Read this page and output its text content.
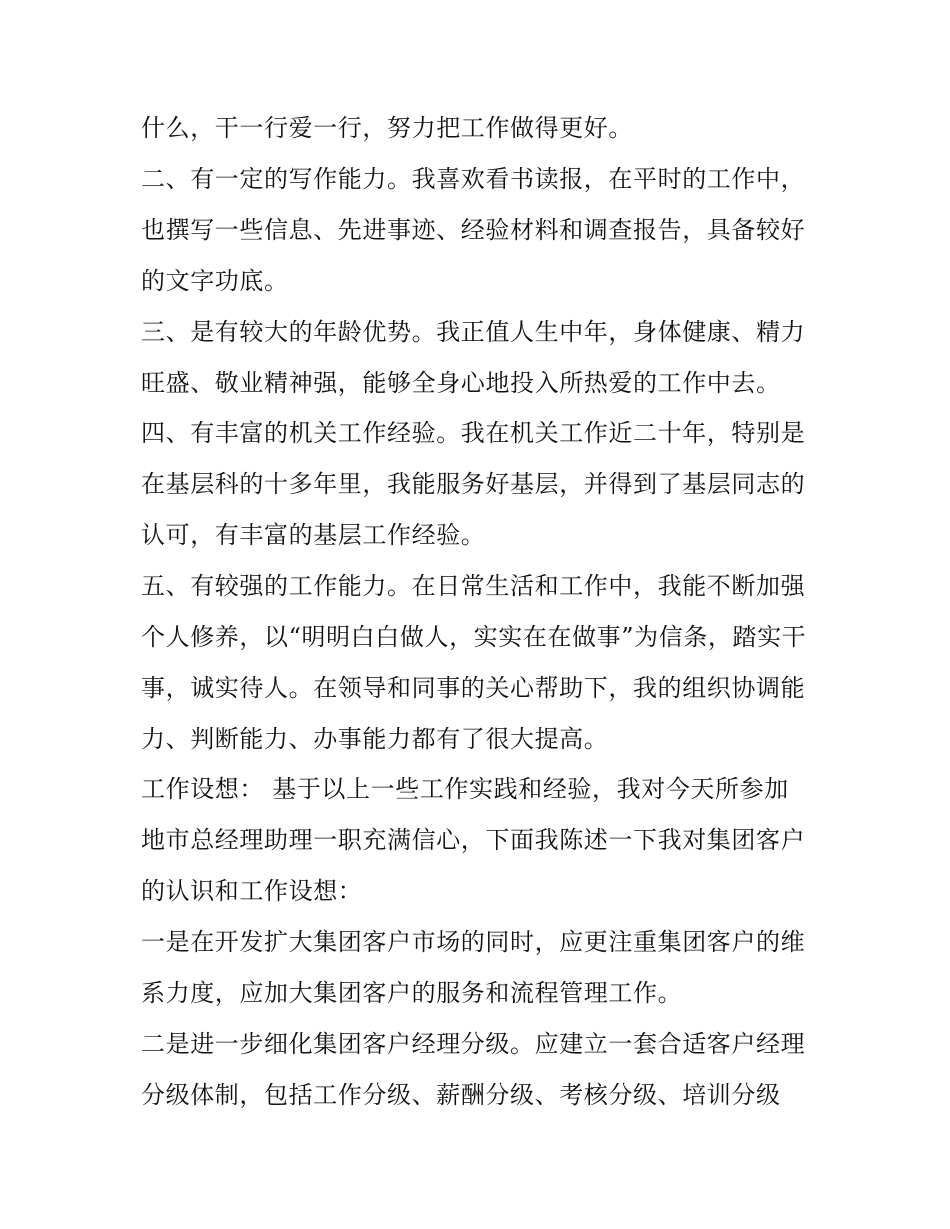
什么，干一行爱一行，努力把工作做得更好。
二、有一定的写作能力。我喜欢看书读报，在平时的工作中，
也撰写一些信息、先进事迹、经验材料和调查报告，具备较好
的文字功底。
三、是有较大的年龄优势。我正值人生中年，身体健康、精力
旺盛、敬业精神强，能够全身心地投入所热爱的工作中去。
四、有丰富的机关工作经验。我在机关工作近二十年，特别是
在基层科的十多年里，我能服务好基层，并得到了基层同志的
认可，有丰富的基层工作经验。
五、有较强的工作能力。在日常生活和工作中，我能不断加强
个人修养，以“明明白白做人，实实在在做事”为信条，踏实干
事，诚实待人。在领导和同事的关心帮助下，我的组织协调能
力、判断能力、办事能力都有了很大提高。
工作设想： 基于以上一些工作实践和经验，我对今天所参加
地市总经理助理一职充满信心，下面我陈述一下我对集团客户
的认识和工作设想：
一是在开发扩大集团客户市场的同时，应更注重集团客户的维
系力度，应加大集团客户的服务和流程管理工作。
二是进一步细化集团客户经理分级。应建立一套合适客户经理
分级体制，包括工作分级、薪酬分级、考核分级、培训分级
